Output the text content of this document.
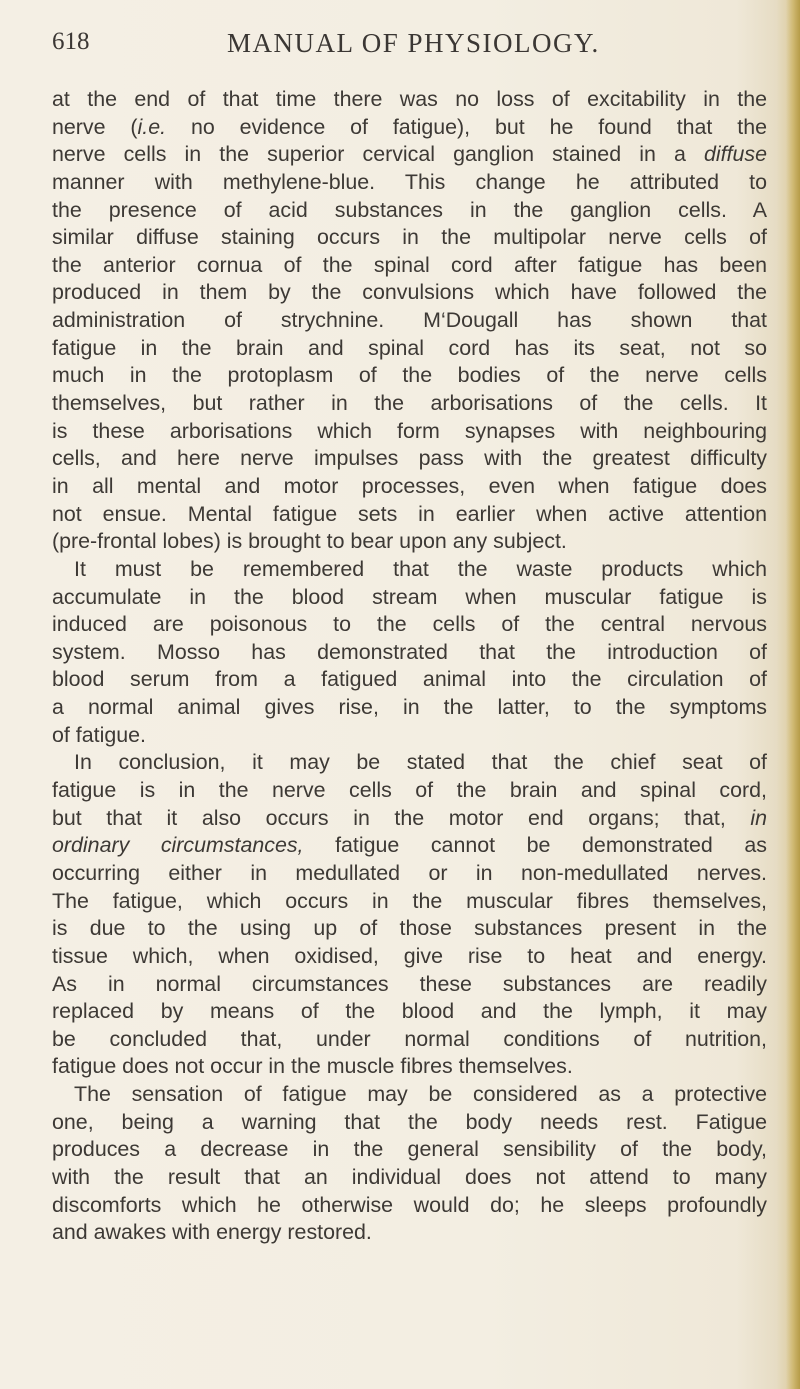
618	MANUAL OF PHYSIOLOGY.
at the end of that time there was no loss of excitability in the
nerve (i.e. no evidence of fatigue), but he found that the
nerve cells in the superior cervical ganglion stained in a diffuse
manner with methylene-blue. This change he attributed to
the presence of acid substances in the ganglion cells. A
similar diffuse staining occurs in the multipolar nerve cells of
the anterior cornua of the spinal cord after fatigue has been
produced in them by the convulsions which have followed the
administration of strychnine. M‘Dougall has shown that
fatigue in the brain and spinal cord has its seat, not so
much in the protoplasm of the bodies of the nerve cells
themselves, but rather in the arborisations of the cells. It
is these arborisations which form synapses with neighbouring
cells, and here nerve impulses pass with the greatest difficulty
in all mental and motor processes, even when fatigue does
not ensue. Mental fatigue sets in earlier when active attention
(pre-frontal lobes) is brought to bear upon any subject.
It must be remembered that the waste products which
accumulate in the blood stream when muscular fatigue is
induced are poisonous to the cells of the central nervous
system. Mosso has demonstrated that the introduction of
blood serum from a fatigued animal into the circulation of
a normal animal gives rise, in the latter, to the symptoms
of fatigue.
In conclusion, it may be stated that the chief seat of
fatigue is in the nerve cells of the brain and spinal cord,
but that it also occurs in the motor end organs; that, in
ordinary circumstances, fatigue cannot be demonstrated as
occurring either in medullated or in non-medullated nerves.
The fatigue, which occurs in the muscular fibres themselves,
is due to the using up of those substances present in the
tissue which, when oxidised, give rise to heat and energy.
As in normal circumstances these substances are readily
replaced by means of the blood and the lymph, it may
be concluded that, under normal conditions of nutrition,
fatigue does not occur in the muscle fibres themselves.
The sensation of fatigue may be considered as a protective
one, being a warning that the body needs rest. Fatigue
produces a decrease in the general sensibility of the body,
with the result that an individual does not attend to many
discomforts which he otherwise would do; he sleeps profoundly
and awakes with energy restored.
